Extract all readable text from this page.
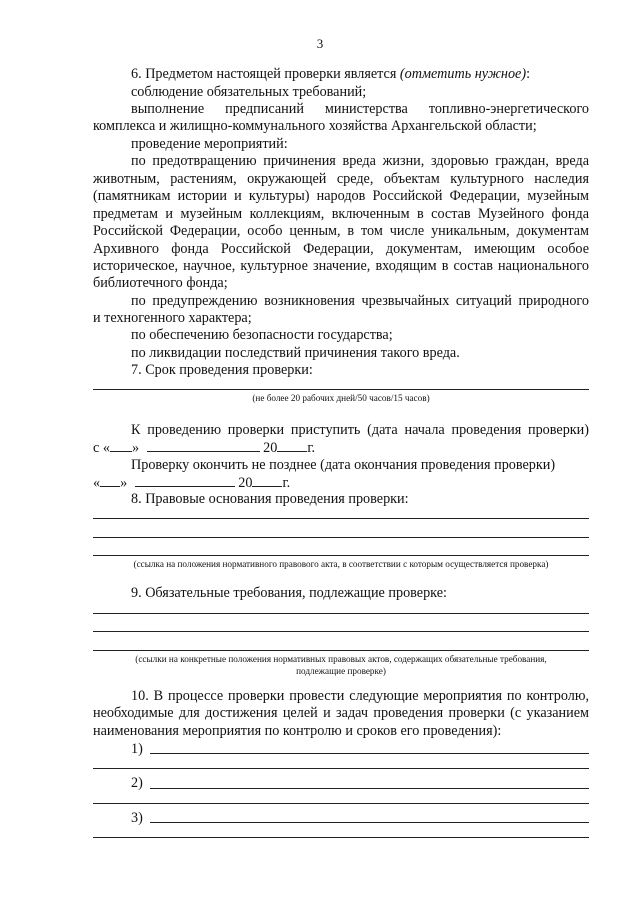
3
6. Предметом настоящей проверки является (отметить нужное):
соблюдение обязательных требований;
выполнение предписаний министерства топливно-энергетического
комплекса и жилищно-коммунального хозяйства Архангельской области;
проведение мероприятий:
по предотвращению причинения вреда жизни, здоровью граждан, вреда
животным, растениям, окружающей среде, объектам культурного наследия
(памятникам истории и культуры) народов Российской Федерации, музейным
предметам и музейным коллекциям, включенным в состав Музейного фонда
Российской Федерации, особо ценным, в том числе уникальным, документам
Архивного фонда Российской Федерации, документам, имеющим особое
историческое, научное, культурное значение, входящим в состав национального
библиотечного фонда;
по предупреждению возникновения чрезвычайных ситуаций природного
и техногенного характера;
по обеспечению безопасности государства;
по ликвидации последствий причинения такого вреда.
7. Срок проведения проверки:
(не более 20 рабочих дней/50 часов/15 часов)
К проведению проверки приступить (дата начала проведения проверки)
с « »	20 г.
Проверку окончить не позднее (дата окончания проведения проверки)
« »	20 г.
8. Правовые основания проведения проверки:
(ссылка на положения нормативного правового акта, в соответствии с которым осуществляется проверка)
9. Обязательные требования, подлежащие проверке:
(ссылки на конкретные положения нормативных правовых актов, содержащих обязательные требования,
подлежащие проверке)
10. В процессе проверки провести следующие мероприятия по контролю,
необходимые для достижения целей и задач проведения проверки (с указанием
наименования мероприятия по контролю и сроков его проведения):
1)
2)
3)
